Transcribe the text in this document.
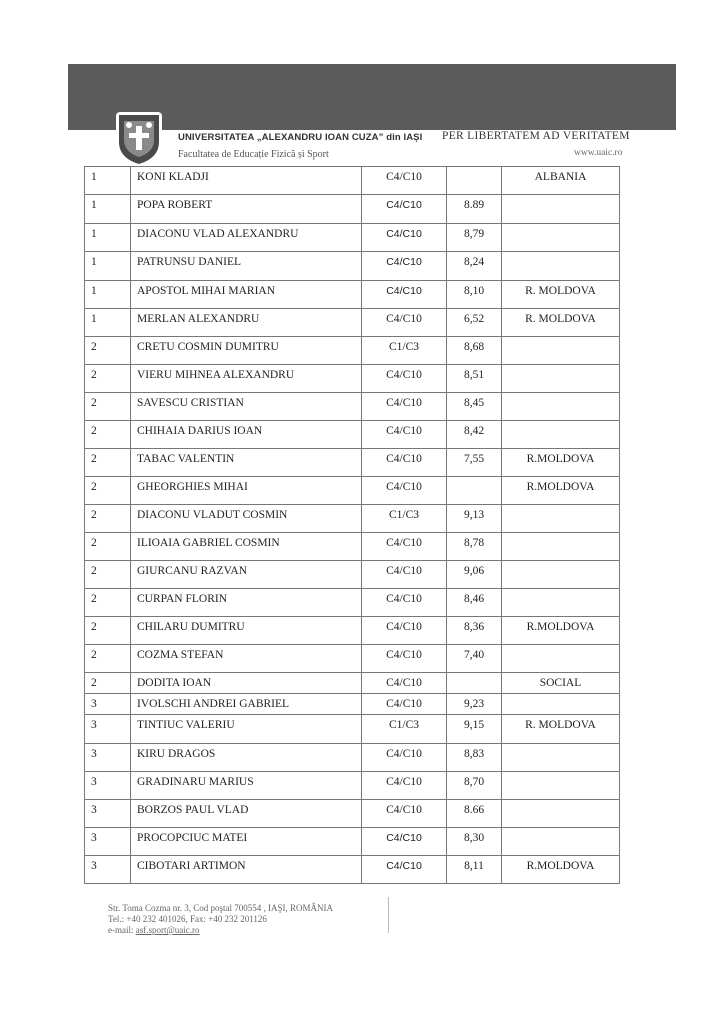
UNIVERSITATEA „ALEXANDRU IOAN CUZA” din IAȘI PER LIBERTATEM AD VERITATEM
Facultatea de Educație Fizică și Sport	www.uaic.ro
1	KONI KLADJI	C4/C10		ALBANIA
1	POPA ROBERT	C4/C10	8.89	
1	DIACONU VLAD ALEXANDRU	C4/C10	8,79	
1	PATRUNSU DANIEL	C4/C10	8,24	
1	APOSTOL MIHAI MARIAN	C4/C10	8,10	R. MOLDOVA
1	MERLAN ALEXANDRU	C4/C10	6,52	R. MOLDOVA
2	CRETU COSMIN DUMITRU	C1/C3	8,68	
2	VIERU MIHNEA ALEXANDRU	C4/C10	8,51	
2	SAVESCU CRISTIAN	C4/C10	8,45	
2	CHIHAIA DARIUS IOAN	C4/C10	8,42	
2	TABAC VALENTIN	C4/C10	7,55	R.MOLDOVA
2	GHEORGHIES MIHAI	C4/C10		R.MOLDOVA
2	DIACONU VLADUT COSMIN	C1/C3	9,13	
2	ILIOAIA GABRIEL COSMIN	C4/C10	8,78	
2	GIURCANU RAZVAN	C4/C10	9,06	
2	CURPAN FLORIN	C4/C10	8,46	
2	CHILARU DUMITRU	C4/C10	8,36	R.MOLDOVA
2	COZMA STEFAN	C4/C10	7,40	
2	DODITA IOAN	C4/C10		SOCIAL
3	IVOLSCHI ANDREI GABRIEL	C4/C10	9,23	
3	TINTIUC VALERIU	C1/C3	9,15	R. MOLDOVA
3	KIRU DRAGOS	C4/C10	8,83	
3	GRADINARU MARIUS	C4/C10	8,70	
3	BORZOS PAUL VLAD	C4/C10	8.66	
3	PROCOPCIUC MATEI	C4/C10	8,30	
3	CIBOTARI ARTIMON	C4/C10	8,11	R.MOLDOVA
Str. Toma Cozma nr. 3, Cod poştal 700554 , IAŞI, ROMÂNIA
Tel.: +40 232 401026, Fax: +40 232 201126
e-mail: asf.sport@uaic.ro
